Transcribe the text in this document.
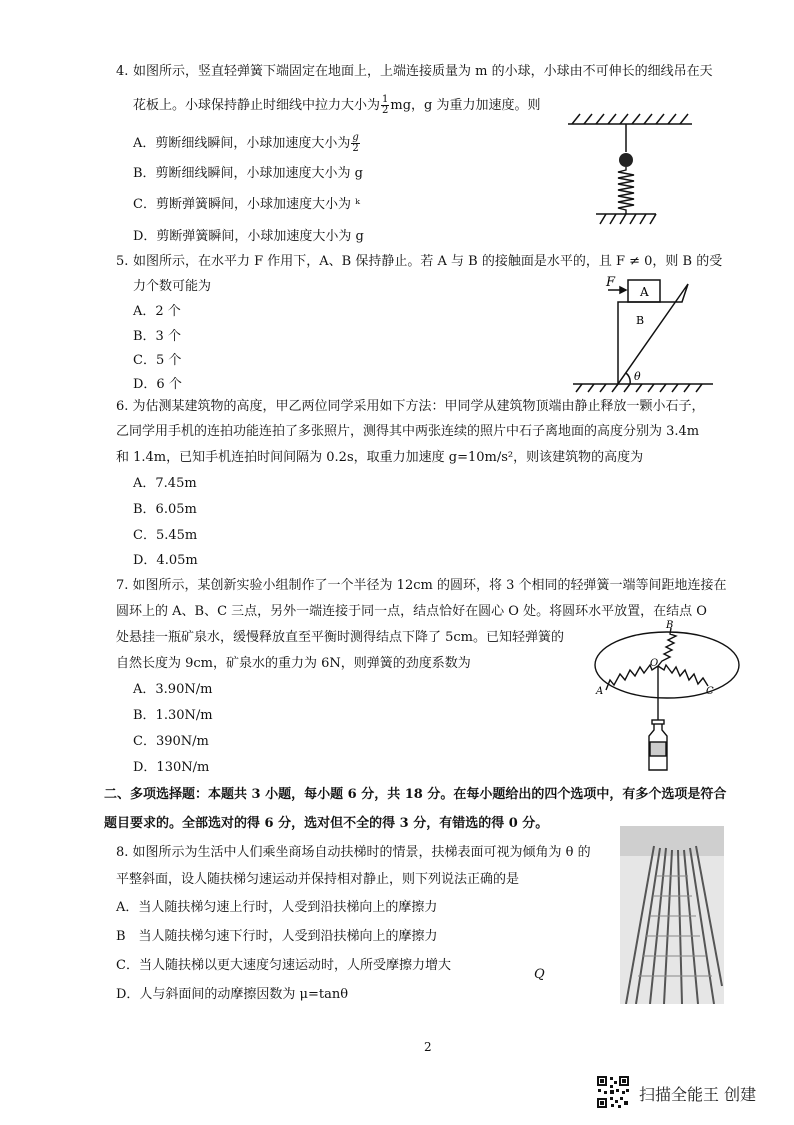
4. 如图所示，竖直轻弹簧下端固定在地面上，上端连接质量为 m 的小球，小球由不可伸长的细线吊在天
花板上。小球保持静止时细线中拉力大小为 $\frac{1}{2}$ mg，g 为重力加速度。则
A．剪断细线瞬间，小球加速度大小为 $\frac{g}{2}$
B．剪断细线瞬间，小球加速度大小为 g
C．剪断弹簧瞬间，小球加速度大小为 ᵏ
D．剪断弹簧瞬间，小球加速度大小为 g
5. 如图所示，在水平力 F 作用下，A、B 保持静止。若 A 与 B 的接触面是水平的，且 F ≠ 0，则 B 的受
力个数可能为
A．2 个
B．3 个
C．5 个
D．6 个
F
A
B
θ
6. 为估测某建筑物的高度，甲乙两位同学采用如下方法：甲同学从建筑物顶端由静止释放一颗小石子，
乙同学用手机的连拍功能连拍了多张照片，测得其中两张连续的照片中石子离地面的高度分别为 3.4m
和 1.4m，已知手机连拍时间间隔为 0.2s，取重力加速度 g=10m/s²，则该建筑物的高度为
A．7.45m
B．6.05m
C．5.45m
D．4.05m
7. 如图所示，某创新实验小组制作了一个半径为 12cm 的圆环，将 3 个相同的轻弹簧一端等间距地连接在
圆环上的 A、B、C 三点，另外一端连接于同一点，结点恰好在圆心 O 处。将圆环水平放置，在结点 O
处悬挂一瓶矿泉水，缓慢释放直至平衡时测得结点下降了 5cm。已知轻弹簧的
自然长度为 9cm，矿泉水的重力为 6N，则弹簧的劲度系数为
A．3.90N/m
B．1.30N/m
C．390N/m
D．130N/m
B
O
A	C
二、多项选择题：本题共 3 小题，每小题 6 分，共 18 分。在每小题给出的四个选项中，有多个选项是符合
题目要求的。全部选对的得 6 分，选对但不全的得 3 分，有错选的得 0 分。
8. 如图所示为生活中人们乘坐商场自动扶梯时的情景，扶梯表面可视为倾角为 θ 的
平整斜面，设人随扶梯匀速运动并保持相对静止，则下列说法正确的是
A．当人随扶梯匀速上行时，人受到沿扶梯向上的摩擦力
B　当人随扶梯匀速下行时，人受到沿扶梯向上的摩擦力
C．当人随扶梯以更大速度匀速运动时，人所受摩擦力增大
D．人与斜面间的动摩擦因数为 μ=tanθ
Q
2
扫描全能王 创建
